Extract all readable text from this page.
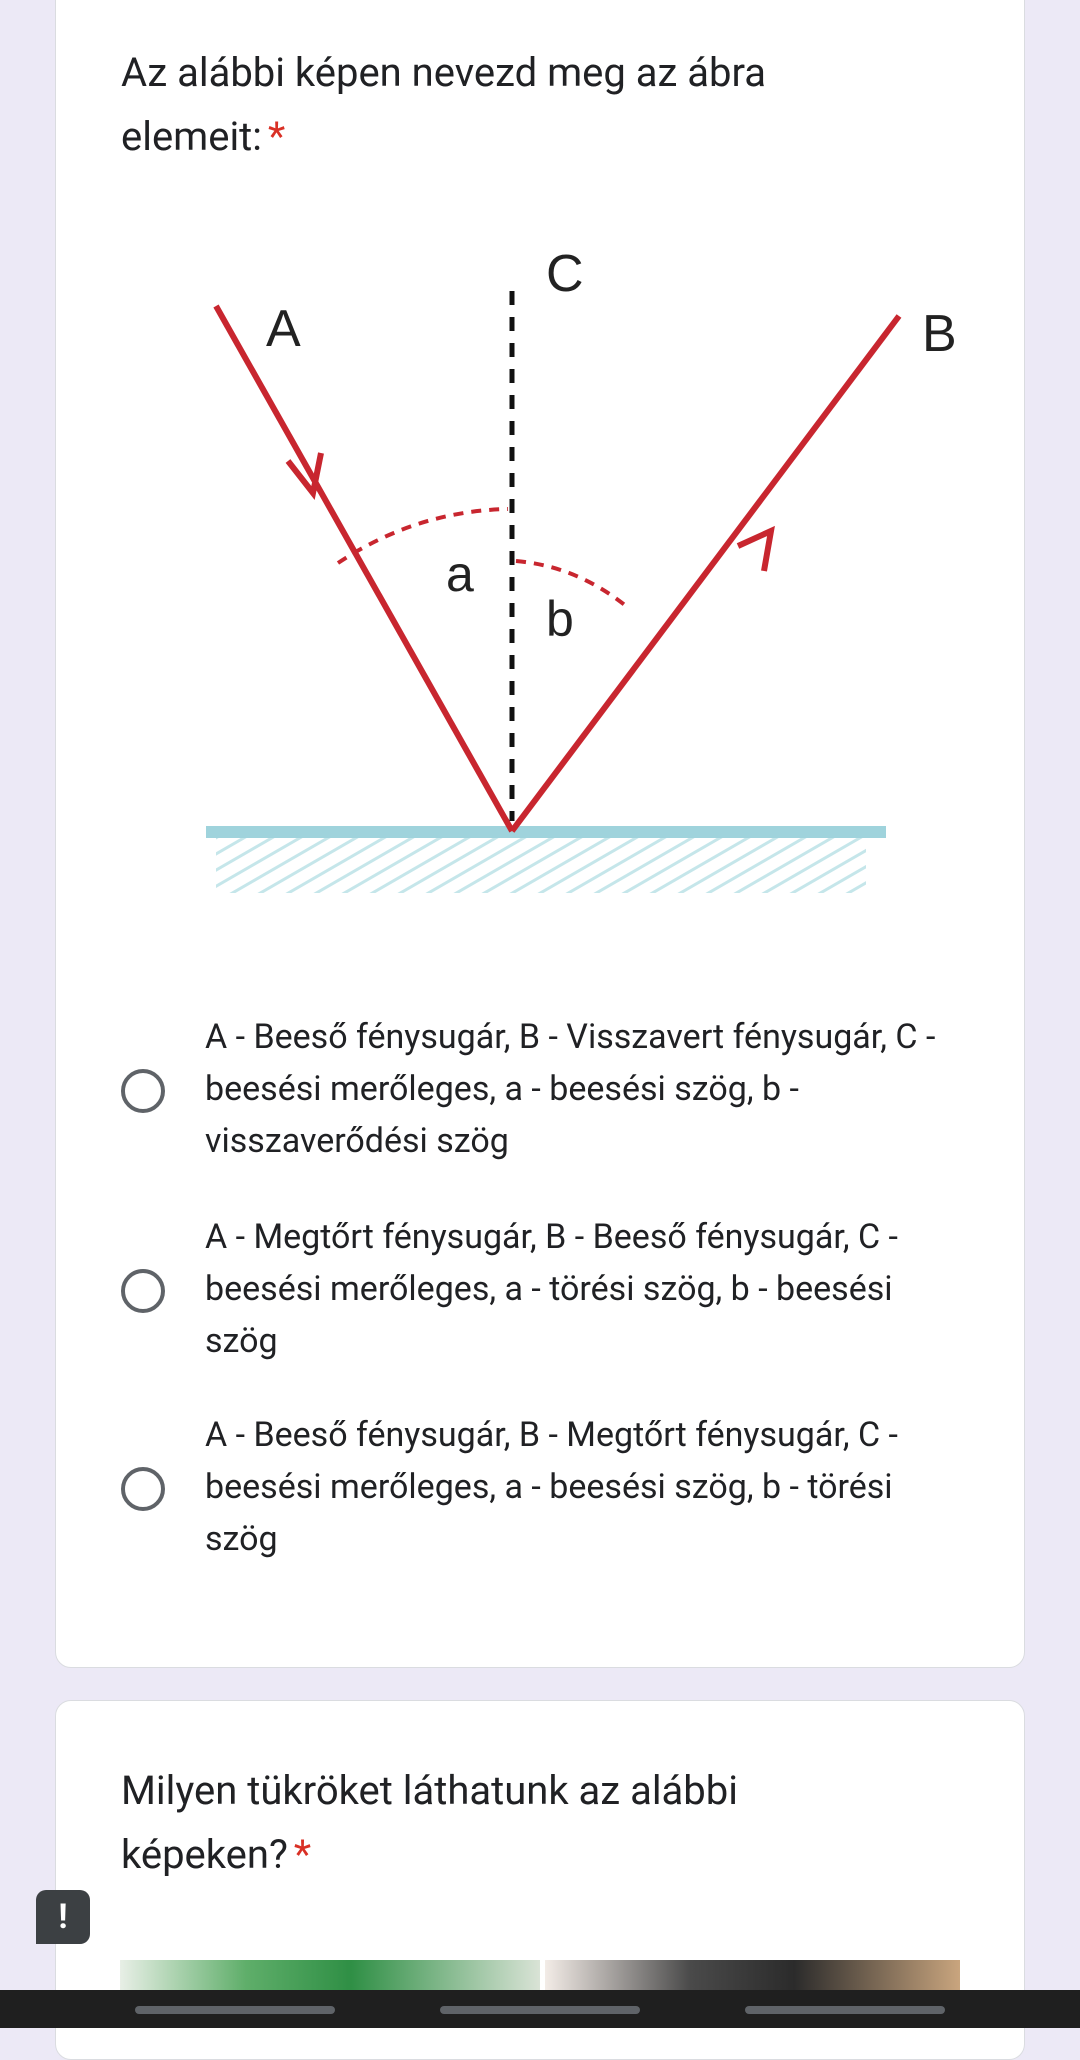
Az alábbi képen nevezd meg az ábra elemeit: *
A	B
C
a
b
A - Beeső fénysugár, B - Visszavert fénysugár, C - beesési merőleges, a - beesési szög, b - visszaverődési szög
A - Megtőrt fénysugár, B - Beeső fénysugár, C - beesési merőleges, a - törési szög, b - beesési szög
A - Beeső fénysugár, B - Megtőrt fénysugár, C - beesési merőleges, a - beesési szög, b - törési szög
Milyen tükröket láthatunk az alábbi képeken? *
!
